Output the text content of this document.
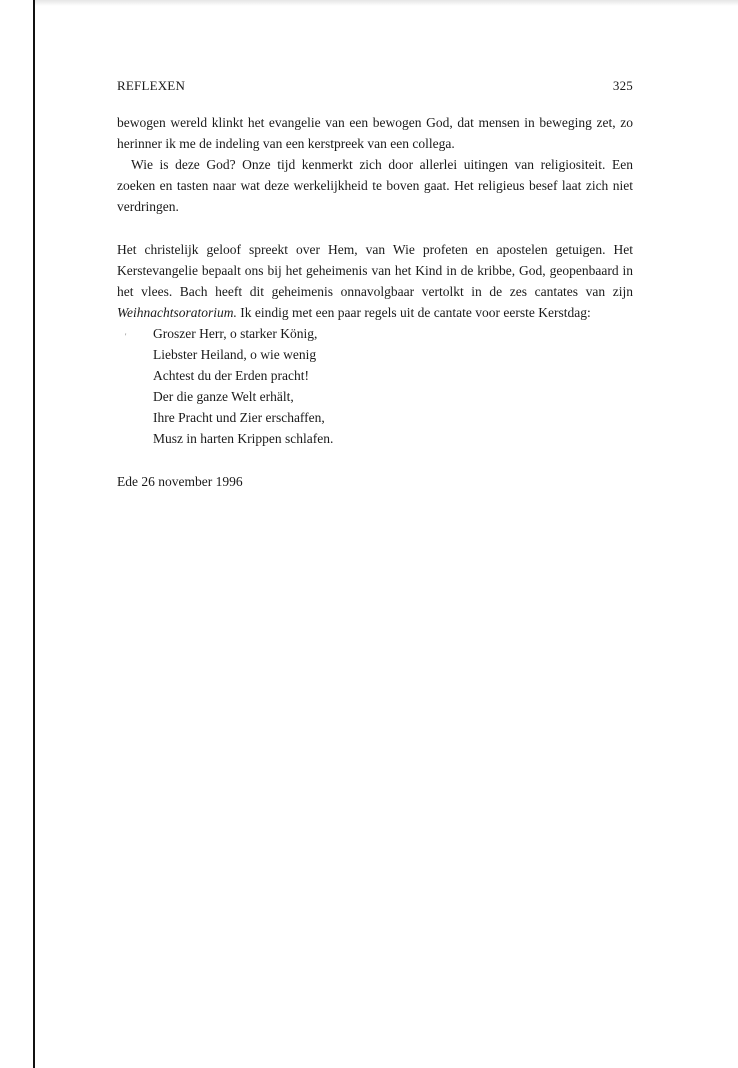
REFLEXEN	325

bewogen wereld klinkt het evangelie van een bewogen God, dat mensen in beweging zet, zo herinner ik me de indeling van een kerstpreek van een collega.

Wie is deze God? Onze tijd kenmerkt zich door allerlei uitingen van religiositeit. Een zoeken en tasten naar wat deze werkelijkheid te boven gaat. Het religieus besef laat zich niet verdringen.

Het christelijk geloof spreekt over Hem, van Wie profeten en apostelen getuigen. Het Kerstevangelie bepaalt ons bij het geheimenis van het Kind in de kribbe, God, geopenbaard in het vlees. Bach heeft dit geheimenis onnavolgbaar vertolkt in de zes cantates van zijn Weihnachtsoratorium. Ik eindig met een paar regels uit de cantate voor eerste Kerstdag:

' Groszer Herr, o starker König,
Liebster Heiland, o wie wenig
Achtest du der Erden pracht!
Der die ganze Welt erhält,
Ihre Pracht und Zier erschaffen,
Musz in harten Krippen schlafen.
Ede 26 november 1996
